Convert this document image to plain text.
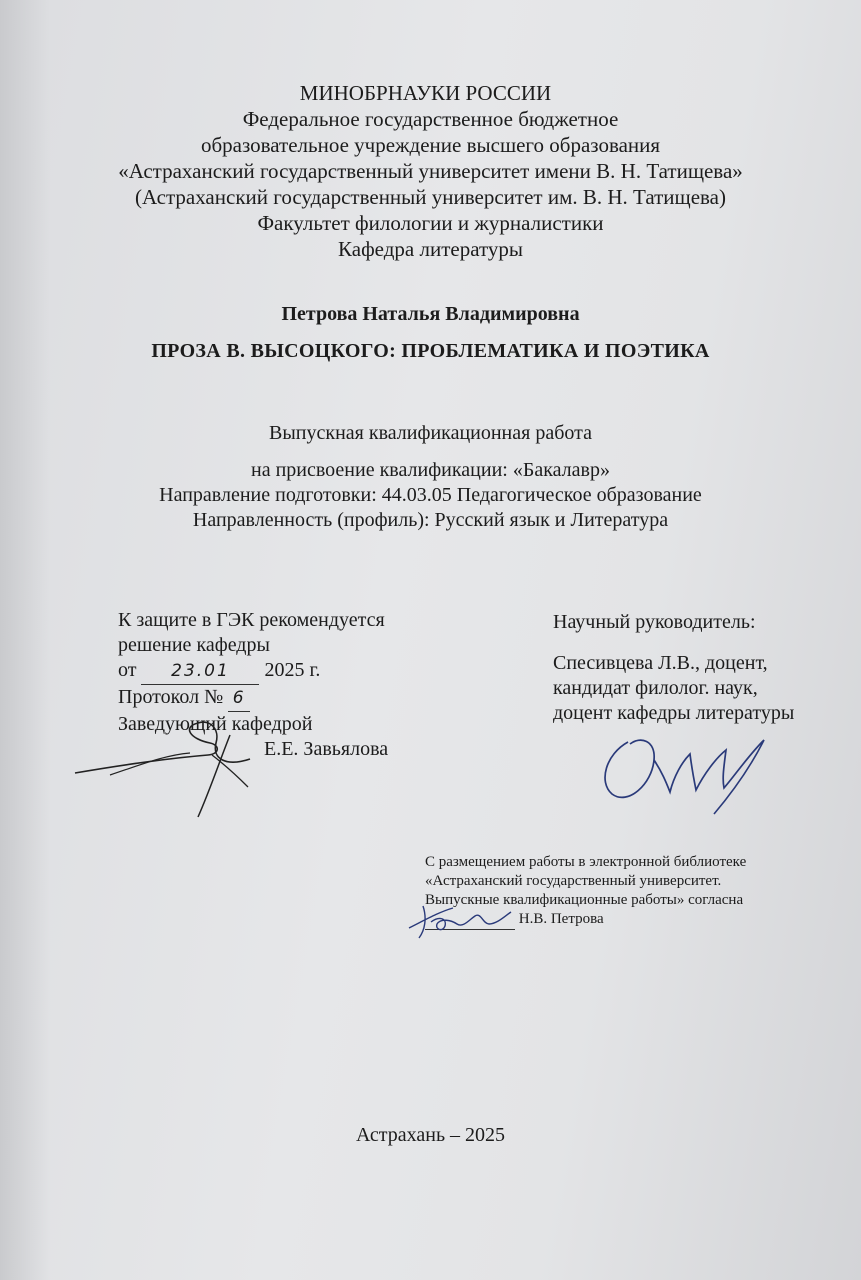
МИНОБРНАУКИ РОССИИ
Федеральное государственное бюджетное
образовательное учреждение высшего образования
«Астраханский государственный университет имени В. Н. Татищева»
(Астраханский государственный университет им. В. Н. Татищева)
Факультет филологии и журналистики
Кафедра литературы
Петрова Наталья Владимировна
ПРОЗА В. ВЫСОЦКОГО: ПРОБЛЕМАТИКА И ПОЭТИКА
Выпускная квалификационная работа
на присвоение квалификации: «Бакалавр»
Направление подготовки: 44.03.05 Педагогическое образование
Направленность (профиль): Русский язык и Литература
К защите в ГЭК рекомендуется
решение кафедры
от 23.01 2025 г.
Протокол № 6
Заведующий кафедрой
Е.Е. Завьялова
Научный руководитель:
Спесивцева Л.В., доцент,
кандидат филолог. наук,
доцент кафедры литературы
С размещением работы в электронной библиотеке
«Астраханский государственный университет.
Выпускные квалификационные работы» согласна
Н.В. Петрова
Астрахань – 2025
